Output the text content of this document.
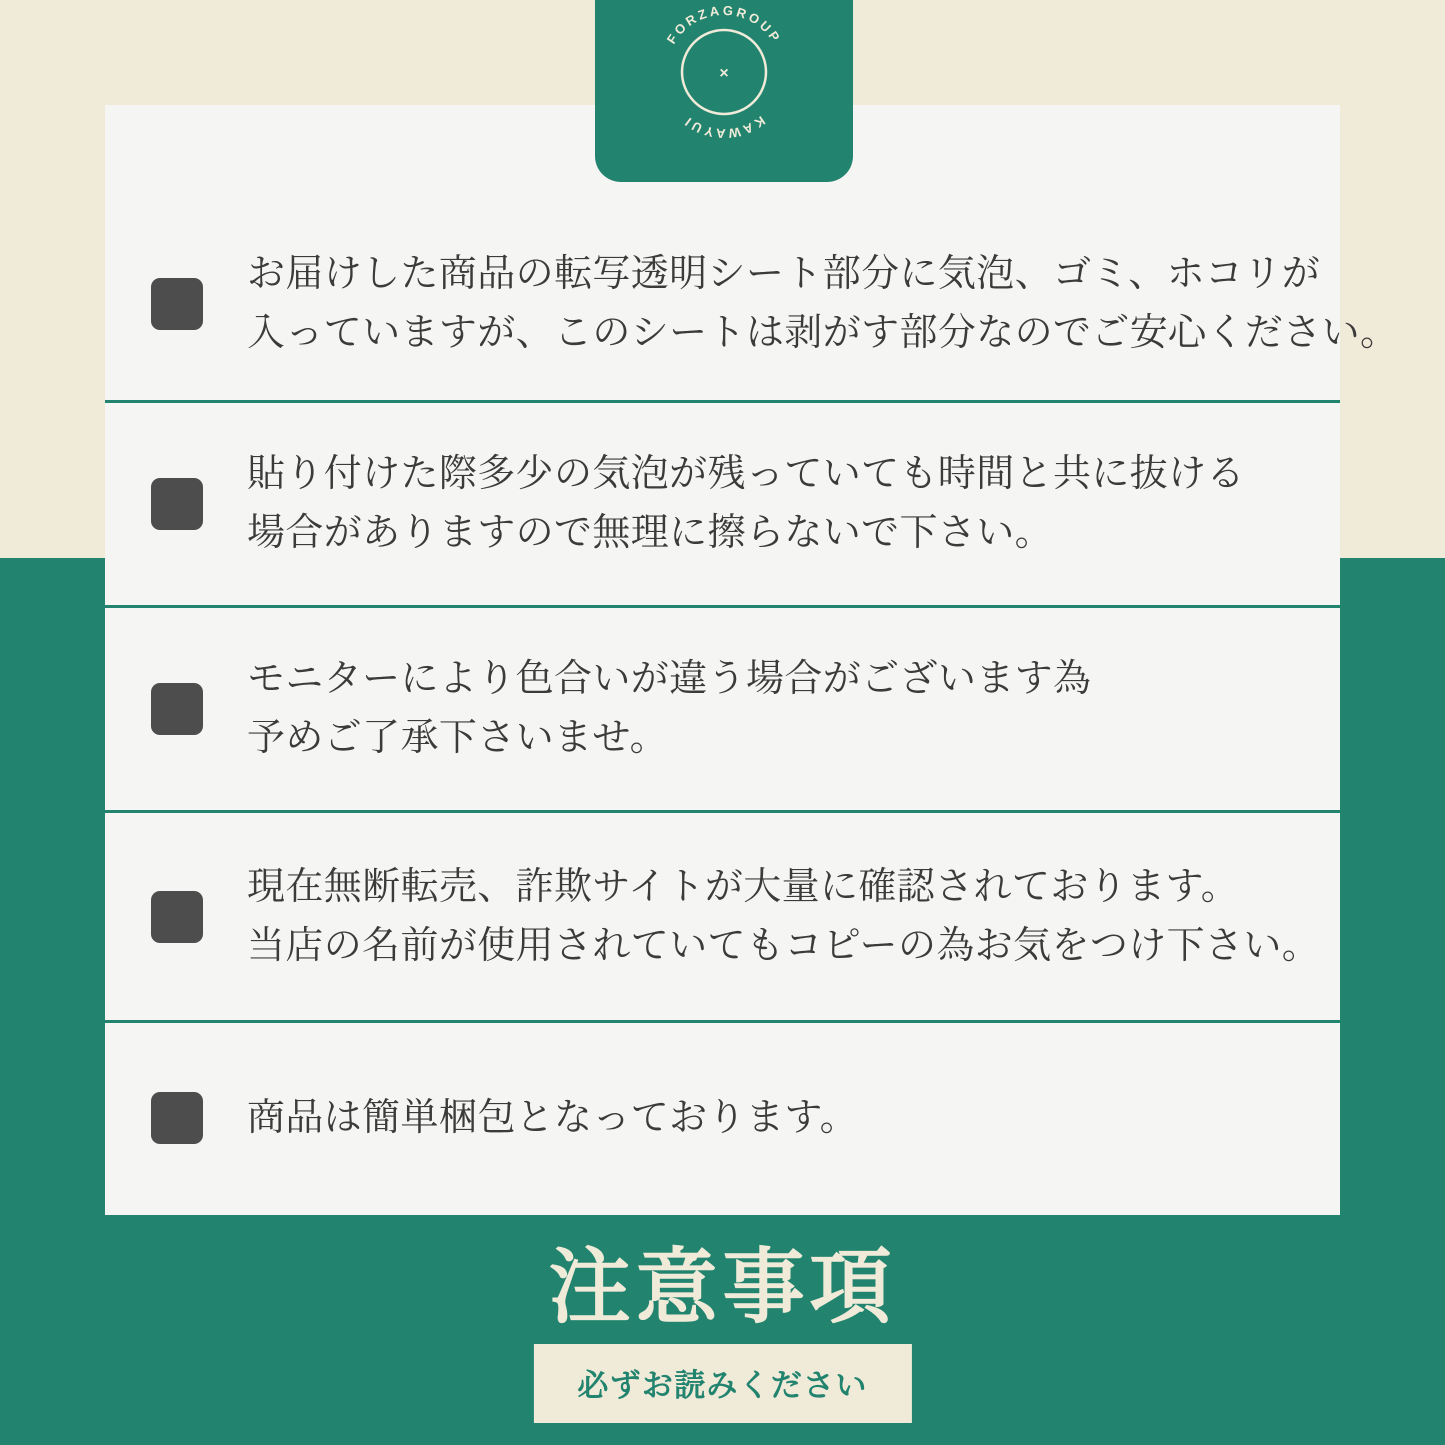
FORZAGROUP
KAWAYUI
×
お届けした商品の転写透明シート部分に気泡、ゴミ、ホコリが
入っていますが、このシートは剥がす部分なのでご安心ください。
貼り付けた際多少の気泡が残っていても時間と共に抜ける
場合がありますので無理に擦らないで下さい。
モニターにより色合いが違う場合がございます為
予めご了承下さいませ。
現在無断転売、詐欺サイトが大量に確認されております。
当店の名前が使用されていてもコピーの為お気をつけ下さい。
商品は簡単梱包となっております。
注意事項
必ずお読みください
